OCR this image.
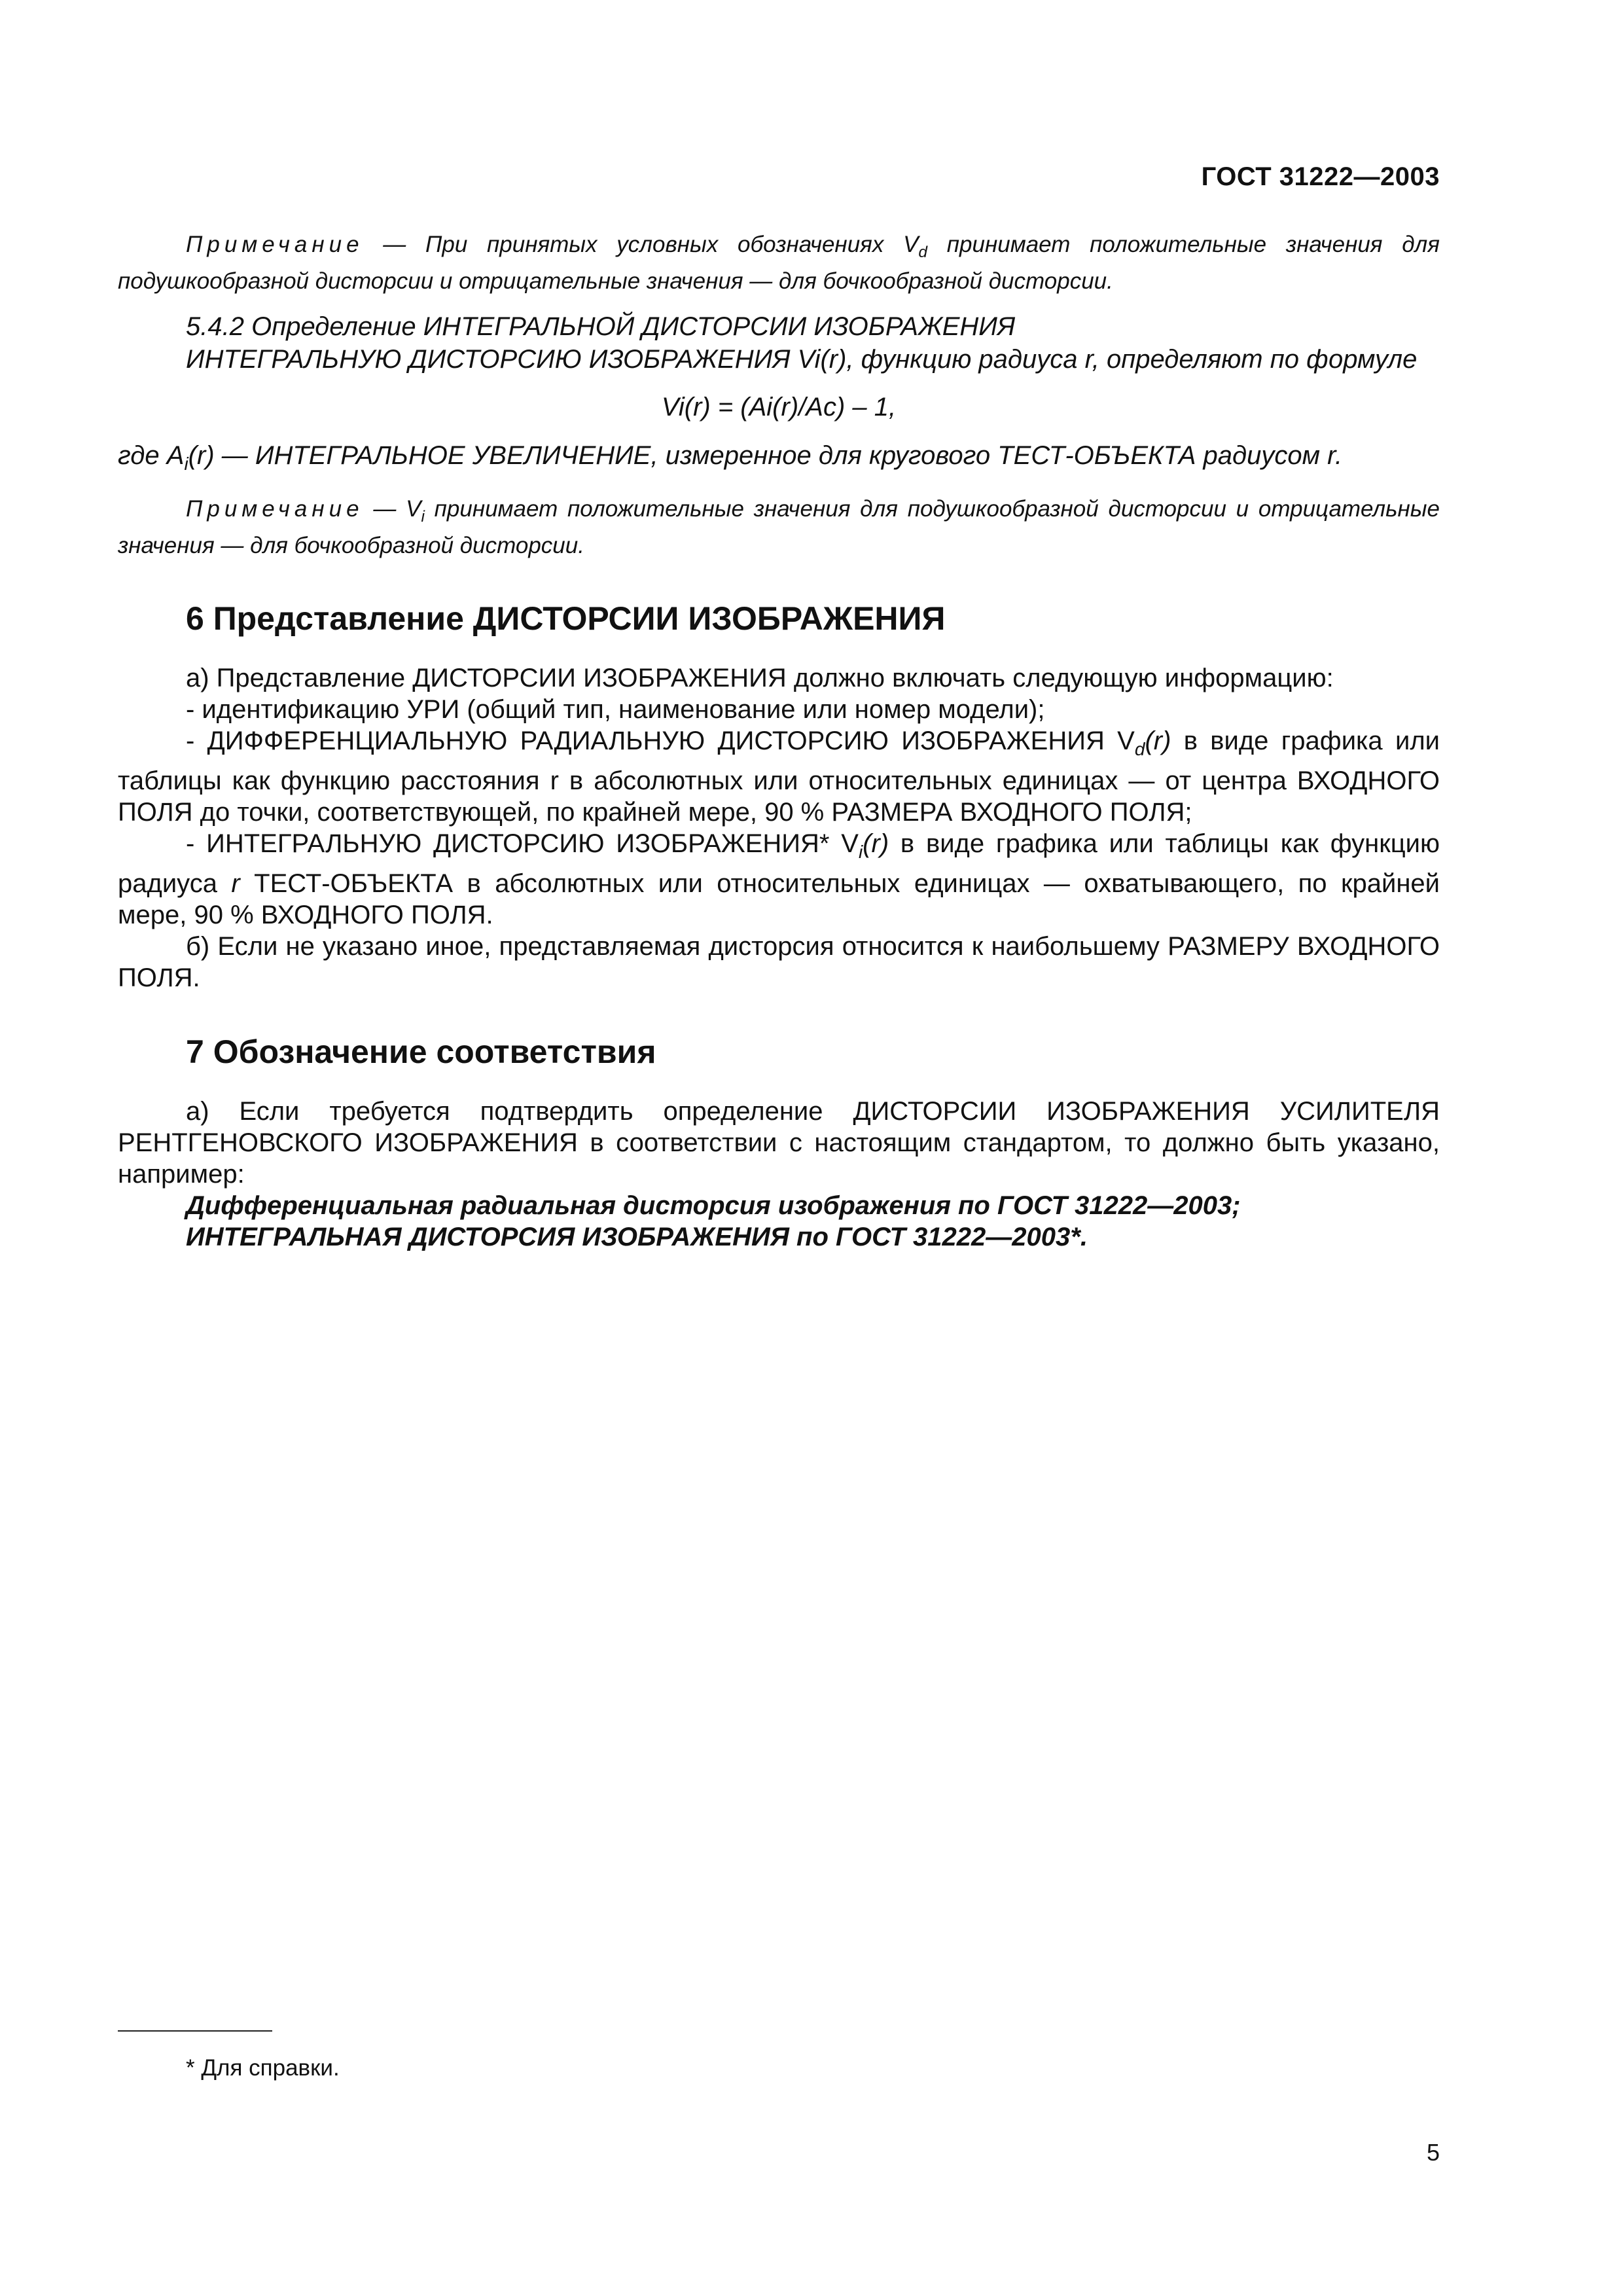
ГОСТ 31222—2003

Примечание — При принятых условных обозначениях $V_d$ принимает положительные значения для подушкообразной дисторсии и отрицательные значения — для бочкообразной дисторсии.

5.4.2 Определение ИНТЕГРАЛЬНОЙ ДИСТОРСИИ ИЗОБРАЖЕНИЯ

ИНТЕГРАЛЬНУЮ ДИСТОРСИЮ ИЗОБРАЖЕНИЯ Vi(r), функцию радиуса r, определяют по формуле

Vi(r) = (Ai(r)/Ac) – 1,

где $A_i(r)$ — ИНТЕГРАЛЬНОЕ УВЕЛИЧЕНИЕ, измеренное для кругового ТЕСТ-ОБЪЕКТА радиусом r.

Примечание — $V_i$ принимает положительные значения для подушкообразной дисторсии и отрицательные значения — для бочкообразной дисторсии.

6 Представление ДИСТОРСИИ ИЗОБРАЖЕНИЯ

а) Представление ДИСТОРСИИ ИЗОБРАЖЕНИЯ должно включать следующую информацию:

- идентификацию УРИ (общий тип, наименование или номер модели);

- ДИФФЕРЕНЦИАЛЬНУЮ РАДИАЛЬНУЮ ДИСТОРСИЮ ИЗОБРАЖЕНИЯ $V_d(r)$ в виде графика или таблицы как функцию расстояния r в абсолютных или относительных единицах — от центра ВХОДНОГО ПОЛЯ до точки, соответствующей, по крайней мере, 90 % РАЗМЕРА ВХОДНОГО ПОЛЯ;

- ИНТЕГРАЛЬНУЮ ДИСТОРСИЮ ИЗОБРАЖЕНИЯ* $V_i(r)$ в виде графика или таблицы как функцию радиуса r ТЕСТ-ОБЪЕКТА в абсолютных или относительных единицах — охватывающего, по крайней мере, 90 % ВХОДНОГО ПОЛЯ.

б) Если не указано иное, представляемая дисторсия относится к наибольшему РАЗМЕРУ ВХОДНОГО ПОЛЯ.

7 Обозначение соответствия

а) Если требуется подтвердить определение ДИСТОРСИИ ИЗОБРАЖЕНИЯ УСИЛИТЕЛЯ РЕНТГЕНОВСКОГО ИЗОБРАЖЕНИЯ в соответствии с настоящим стандартом, то должно быть указано, например:

Дифференциальная радиальная дисторсия изображения по ГОСТ 31222—2003;

ИНТЕГРАЛЬНАЯ ДИСТОРСИЯ ИЗОБРАЖЕНИЯ по ГОСТ 31222—2003*.

* Для справки.
5
